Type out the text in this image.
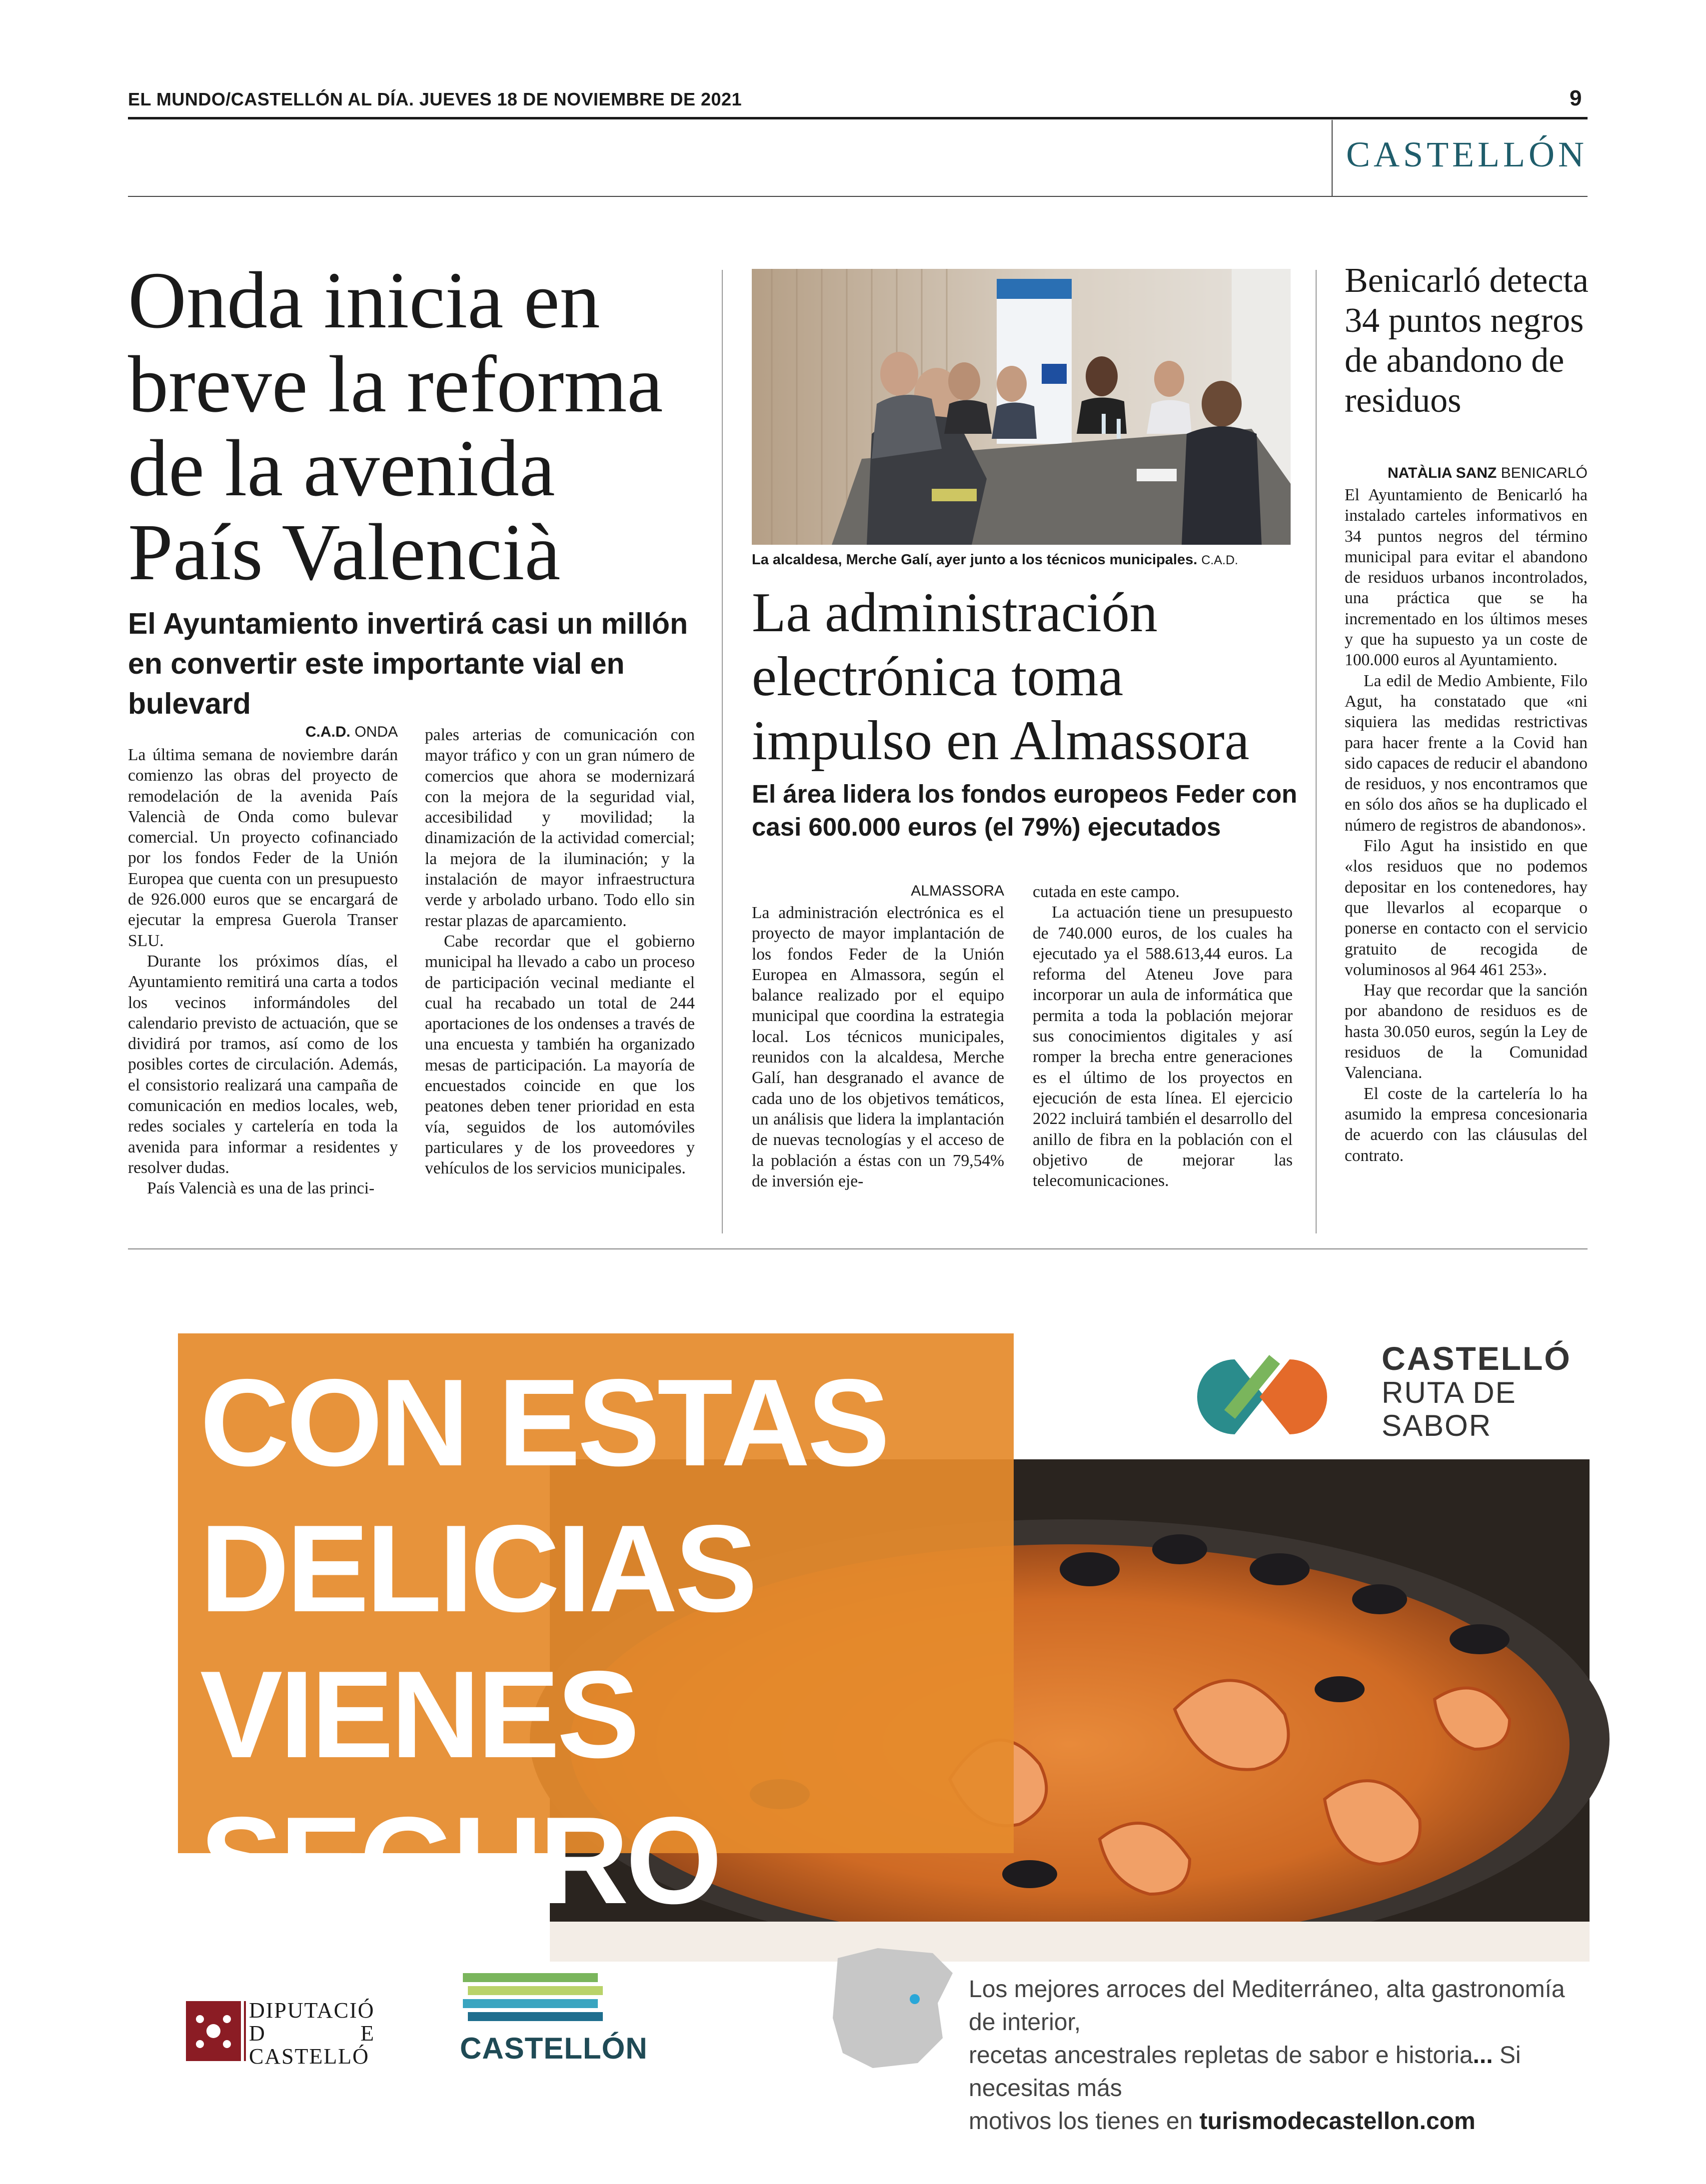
EL MUNDO/CASTELLÓN AL DÍA. JUEVES 18 DE NOVIEMBRE DE 2021	9
CASTELLÓN
Onda inicia en breve la reforma de la avenida País Valencià
El Ayuntamiento invertirá casi un millón en convertir este importante vial en bulevard
C.A.D. ONDA

La última semana de noviembre darán comienzo las obras del proyecto de remodelación de la avenida País Valencià de Onda como bulevar comercial. Un proyecto cofinanciado por los fondos Feder de la Unión Europea que cuenta con un presupuesto de 926.000 euros que se encargará de ejecutar la empresa Guerola Transer SLU.

Durante los próximos días, el Ayuntamiento remitirá una carta a todos los vecinos informándoles del calendario previsto de actuación, que se dividirá por tramos, así como de los posibles cortes de circulación. Además, el consistorio realizará una campaña de comunicación en medios locales, web, redes sociales y cartelería en toda la avenida para informar a residentes y resolver dudas.

País Valencià es una de las princi-

pales arterias de comunicación con mayor tráfico y con un gran número de comercios que ahora se modernizará con la mejora de la seguridad vial, accesibilidad y movilidad; la dinamización de la actividad comercial; la mejora de la iluminación; y la instalación de mayor infraestructura verde y arbolado urbano. Todo ello sin restar plazas de aparcamiento.

Cabe recordar que el gobierno municipal ha llevado a cabo un proceso de participación vecinal mediante el cual ha recabado un total de 244 aportaciones de los ondenses a través de una encuesta y también ha organizado mesas de participación. La mayoría de encuestados coincide en que los peatones deben tener prioridad en esta vía, seguidos de los automóviles particulares y de los proveedores y vehículos de los servicios municipales.

La alcaldesa, Merche Galí, ayer junto a los técnicos municipales. C.A.D.
La administración electrónica toma impulso en Almassora
El área lidera los fondos europeos Feder con casi 600.000 euros (el 79%) ejecutados
ALMASSORA

La administración electrónica es el proyecto de mayor implantación de los fondos Feder de la Unión Europea en Almassora, según el balance realizado por el equipo municipal que coordina la estrategia local. Los técnicos municipales, reunidos con la alcaldesa, Merche Galí, han desgranado el avance de cada uno de los objetivos temáticos, un análisis que lidera la implantación de nuevas tecnologías y el acceso de la población a éstas con un 79,54% de inversión eje-

cutada en este campo.

La actuación tiene un presupuesto de 740.000 euros, de los cuales ha ejecutado ya el 588.613,44 euros. La reforma del Ateneu Jove para incorporar un aula de informática que permita a toda la población mejorar sus conocimientos digitales y así romper la brecha entre generaciones es el último de los proyectos en ejecución de esta línea. El ejercicio 2022 incluirá también el desarrollo del anillo de fibra en la población con el objetivo de mejorar las telecomunicaciones.

Benicarló detecta 34 puntos negros de abandono de residuos
NATÀLIA SANZ BENICARLÓ

El Ayuntamiento de Benicarló ha instalado carteles informativos en 34 puntos negros del término municipal para evitar el abandono de residuos urbanos incontrolados, una práctica que se ha incrementado en los últimos meses y que ha supuesto ya un coste de 100.000 euros al Ayuntamiento.

La edil de Medio Ambiente, Filo Agut, ha constatado que «ni siquiera las medidas restrictivas para hacer frente a la Covid han sido capaces de reducir el abandono de residuos, y nos encontramos que en sólo dos años se ha duplicado el número de registros de abandonos».

Filo Agut ha insistido en que «los residuos que no podemos depositar en los contenedores, hay que llevarlos al ecoparque o ponerse en contacto con el servicio gratuito de recogida de voluminosos al 964 461 253».

Hay que recordar que la sanción por abandono de residuos es de hasta 30.050 euros, según la Ley de residuos de la Comunidad Valenciana.

El coste de la cartelería lo ha asumido la empresa concesionaria de acuerdo con las cláusulas del contrato.

CON ESTAS
DELICIAS VIENES
SEGURO
CASTELLÓ
RUTA DE
SABOR
Los mejores arroces del Mediterráneo, alta gastronomía de interior,
recetas ancestrales repletas de sabor e historia... Si necesitas más
motivos los tienes en turismodecastellon.com
DIPUTACIÓ
D	E
CASTELLÓ	CASTELLÓN
